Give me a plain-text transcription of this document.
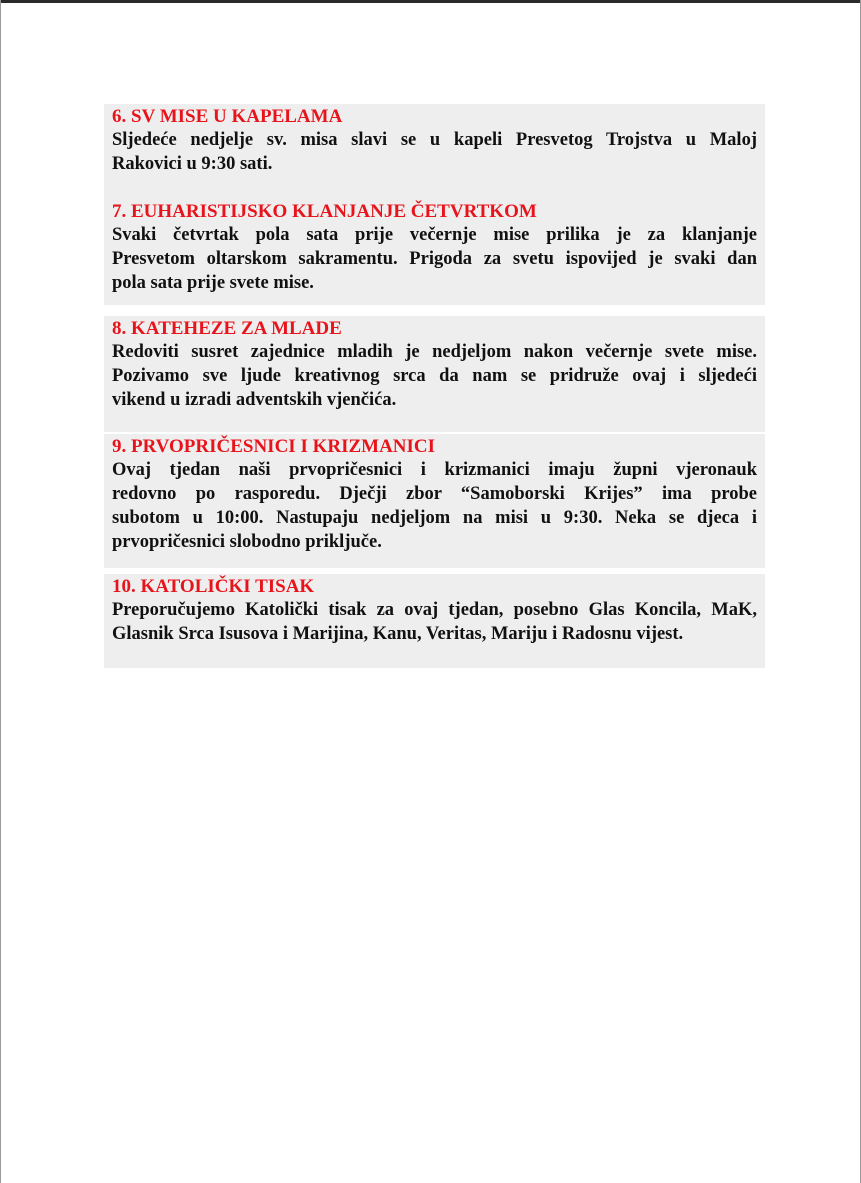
6. SV MISE U KAPELAMA

Sljedeće nedjelje sv. misa slavi se u kapeli Presvetog Trojstva u Maloj
Rakovici u 9:30 sati.

7. EUHARISTIJSKO KLANJANJE ČETVRTKOM

Svaki četvrtak pola sata prije večernje mise prilika je za klanjanje
Presvetom oltarskom sakramentu. Prigoda za svetu ispovijed je svaki dan
pola sata prije svete mise.

8. KATEHEZE ZA MLADE

Redoviti susret zajednice mladih je nedjeljom nakon večernje svete mise.
Pozivamo sve ljude kreativnog srca da nam se pridruže ovaj i sljedeći
vikend u izradi adventskih vjenčića.

9. PRVOPRIČESNICI I KRIZMANICI

Ovaj tjedan naši prvopričesnici i krizmanici imaju župni vjeronauk
redovno po rasporedu. Dječji zbor “Samoborski Krijes” ima probe
subotom u 10:00. Nastupaju nedjeljom na misi u 9:30. Neka se djeca i
prvopričesnici slobodno priključe.

10. KATOLIČKI TISAK

Preporučujemo Katolički tisak za ovaj tjedan, posebno Glas Koncila, MaK,
Glasnik Srca Isusova i Marijina, Kanu, Veritas, Mariju i Radosnu vijest.
